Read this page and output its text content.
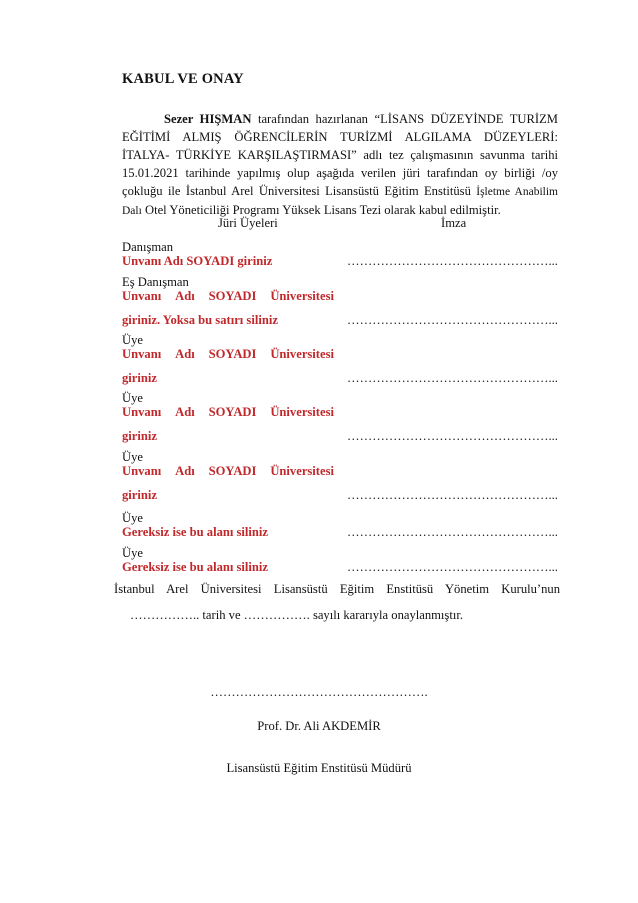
KABUL VE ONAY
Sezer HIŞMAN tarafından hazırlanan “LİSANS DÜZEYİNDE TURİZM
EĞİTİMİ ALMIŞ ÖĞRENCİLERİN TURİZMİ ALGILAMA DÜZEYLERİ:
İTALYA- TÜRKİYE KARŞILAŞTIRMASI” adlı tez çalışmasının savunma tarihi
15.01.2021 tarihinde yapılmış olup aşağıda verilen jüri tarafından oy birliği /oy
çokluğu ile İstanbul Arel Üniversitesi Lisansüstü Eğitim Enstitüsü İşletme Anabilim
Dalı Otel Yöneticiliği Programı Yüksek Lisans Tezi olarak kabul edilmiştir.
Jüri Üyeleri	İmza
Danışman
Unvanı Adı SOYADI giriniz	…………………………………………...
Eş Danışman
Unvanı Adı SOYADI Üniversitesi
giriniz. Yoksa bu satırı siliniz	…………………………………………...
Üye
Unvanı Adı SOYADI Üniversitesi
giriniz	…………………………………………...
Üye
Unvanı Adı SOYADI Üniversitesi
giriniz	…………………………………………...
Üye
Unvanı Adı SOYADI Üniversitesi
giriniz	…………………………………………...
Üye
Gereksiz ise bu alanı siliniz	…………………………………………...
Üye
Gereksiz ise bu alanı siliniz	…………………………………………...
İstanbul Arel Üniversitesi Lisansüstü Eğitim Enstitüsü Yönetim Kurulu’nun
…………….. tarih ve ……………. sayılı kararıyla onaylanmıştır.
…………………………………………….
Prof. Dr. Ali AKDEMİR
Lisansüstü Eğitim Enstitüsü Müdürü
